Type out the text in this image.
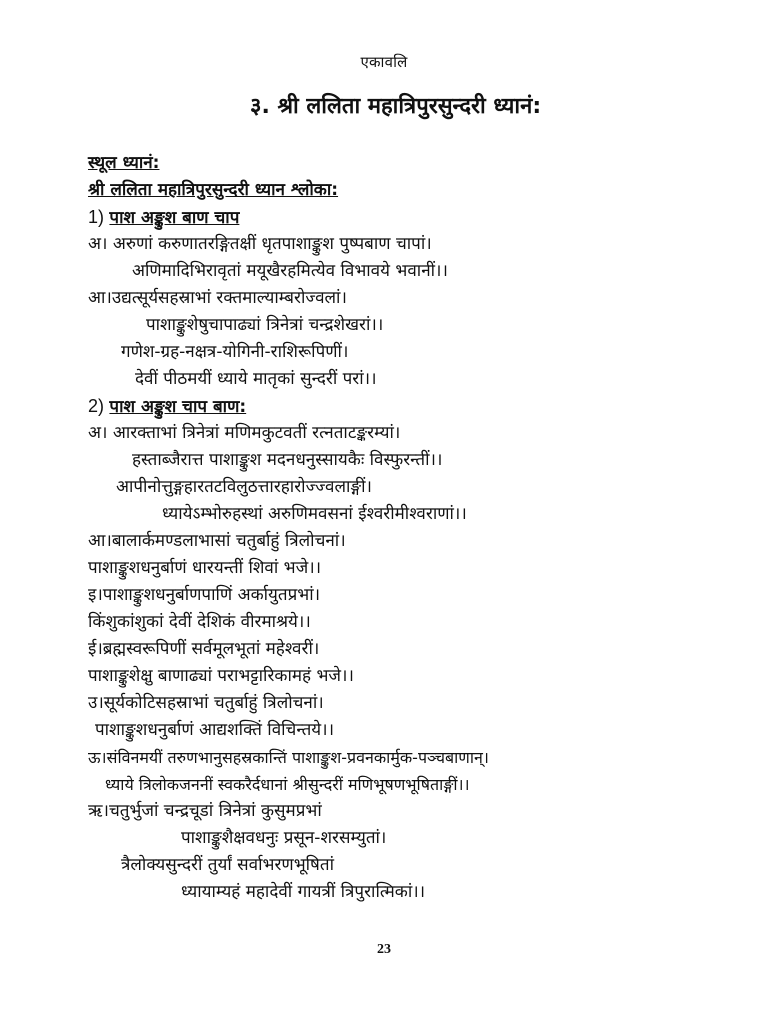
एकावलि
३. श्री ललिता महात्रिपुरसुन्दरी ध्यानं:
स्थूल ध्यानं:
श्री ललिता महात्रिपुरसुन्दरी ध्यान श्लोका:
1) पाश अङ्कुश बाण चाप
अ। अरुणां करुणातरङ्गितक्षीं धृतपाशाङ्कुश पुष्पबाण चापां।
अणिमादिभिरावृतां मयूखैरहमित्येव विभावये भवानीं।।
आ।उद्यत्सूर्यसहस्राभां रक्तमाल्याम्बरोज्वलां।
पाशाङ्कुशेषुचापाढ्यां त्रिनेत्रां चन्द्रशेखरां।।
गणेश-ग्रह-नक्षत्र-योगिनी-राशिरूपिणीं।
देवीं पीठमयीं ध्याये मातृकां सुन्दरीं परां।।
2) पाश अङ्कुश चाप बाण:
अ। आरक्ताभां त्रिनेत्रां मणिमकुटवतीं रत्नताटङ्करम्यां।
हस्ताब्जैरात्त पाशाङ्कुश मदनधनुस्सायकैः विस्फुरन्तीं।।
आपीनोत्तुङ्गहारतटविलुठत्तारहारोज्ज्वलाङ्गीं।
ध्यायेऽम्भोरुहस्थां अरुणिमवसनां ईश्वरीमीश्वराणां।।
आ।बालार्कमण्डलाभासां चतुर्बाहुं त्रिलोचनां।
पाशाङ्कुशधनुर्बाणं धारयन्तीं शिवां भजे।।
इ।पाशाङ्कुशधनुर्बाणपाणिं अर्कायुतप्रभां।
किंशुकांशुकां देवीं देशिकं वीरमाश्रये।।
ई।ब्रह्मस्वरूपिणीं सर्वमूलभूतां महेश्वरीं।
पाशाङ्कुशेक्षु बाणाढ्यां पराभट्टारिकामहं भजे।।
उ।सूर्यकोटिसहस्राभां चतुर्बाहुं त्रिलोचनां।
पाशाङ्कुशधनुर्बाणं आद्यशक्तिं विचिन्तये।।
ऊ।संविनमयीं तरुणभानुसहस्रकान्तिं पाशाङ्कुश-प्रवनकार्मुक-पञ्चबाणान्।
ध्याये त्रिलोकजननीं स्वकरैर्दधानां श्रीसुन्दरीं मणिभूषणभूषिताङ्गीं।।
ऋ।चतुर्भुजां चन्द्रचूडां त्रिनेत्रां कुसुमप्रभां
पाशाङ्कुशैक्षवधनुः प्रसून-शरसम्युतां।
त्रैलोक्यसुन्दरीं तुर्यां सर्वाभरणभूषितां
ध्यायाम्यहं महादेवीं गायत्रीं त्रिपुरात्मिकां।।
23
